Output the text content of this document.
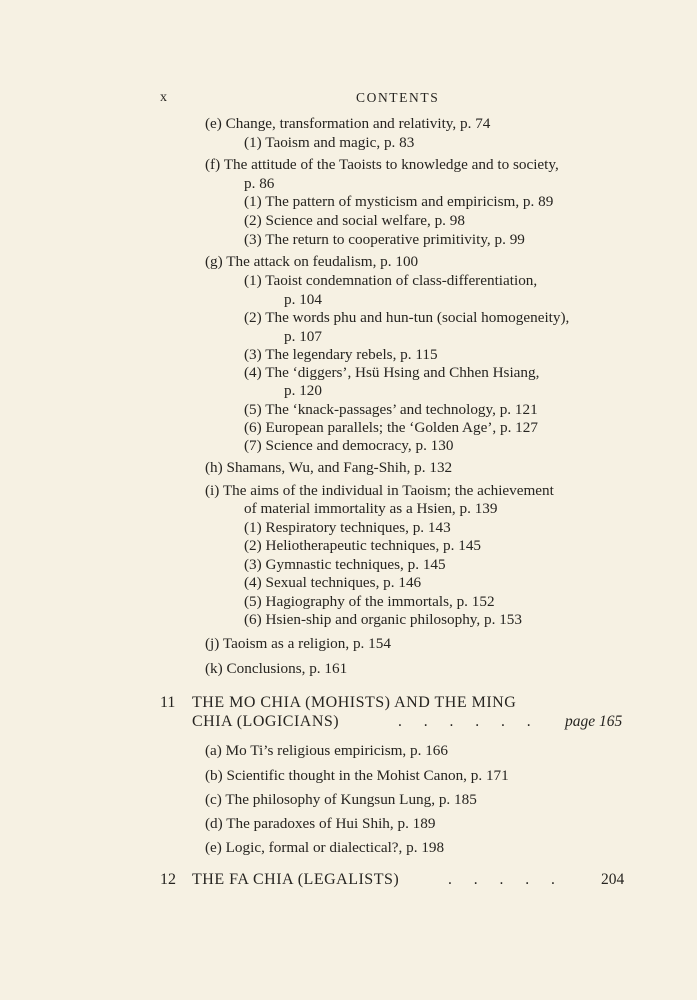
x	CONTENTS
(e) Change, transformation and relativity, p. 74
(1) Taoism and magic, p. 83
(f) The attitude of the Taoists to knowledge and to society,
p. 86
(1) The pattern of mysticism and empiricism, p. 89
(2) Science and social welfare, p. 98
(3) The return to cooperative primitivity, p. 99
(g) The attack on feudalism, p. 100
(1) Taoist condemnation of class-differentiation,
p. 104
(2) The words phu and hun-tun (social homogeneity),
p. 107
(3) The legendary rebels, p. 115
(4) The ‘diggers’, Hsü Hsing and Chhen Hsiang,
p. 120
(5) The ‘knack-passages’ and technology, p. 121
(6) European parallels; the ‘Golden Age’, p. 127
(7) Science and democracy, p. 130
(h) Shamans, Wu, and Fang-Shih, p. 132
(i) The aims of the individual in Taoism; the achievement
of material immortality as a Hsien, p. 139
(1) Respiratory techniques, p. 143
(2) Heliotherapeutic techniques, p. 145
(3) Gymnastic techniques, p. 145
(4) Sexual techniques, p. 146
(5) Hagiography of the immortals, p. 152
(6) Hsien-ship and organic philosophy, p. 153
(j) Taoism as a religion, p. 154
(k) Conclusions, p. 161
11 THE MO CHIA (MOHISTS) AND THE MING
CHIA (LOGICIANS)	. . . . . . page 165
(a) Mo Ti’s religious empiricism, p. 166
(b) Scientific thought in the Mohist Canon, p. 171
(c) The philosophy of Kungsun Lung, p. 185
(d) The paradoxes of Hui Shih, p. 189
(e) Logic, formal or dialectical?, p. 198
12 THE FA CHIA (LEGALISTS)	. . . . . 204
